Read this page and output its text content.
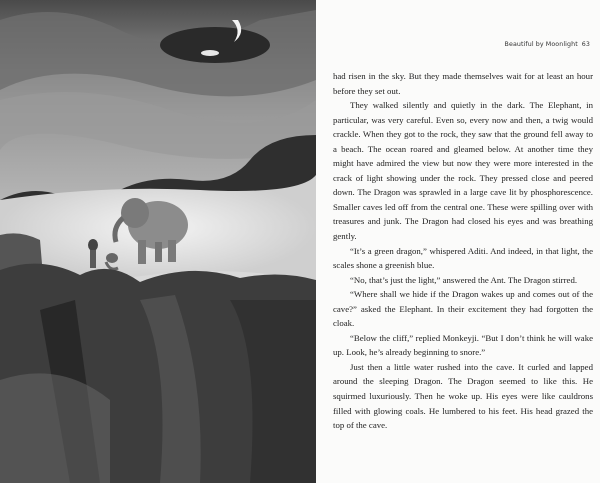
Beautiful by Moonlight 63

had risen in the sky. But they made themselves wait for at least an hour before they set out.

They walked silently and quietly in the dark. The Elephant, in particular, was very careful. Even so, every now and then, a twig would crackle. When they got to the rock, they saw that the ground fell away to a beach. The ocean roared and gleamed below. At another time they might have admired the view but now they were more interested in the crack of light showing under the rock. They pressed close and peered down. The Dragon was sprawled in a large cave lit by phosphorescence. Smaller caves led off from the central one. These were spilling over with treasures and junk. The Dragon had closed his eyes and was breathing gently.

“It’s a green dragon,” whispered Aditi. And indeed, in that light, the scales shone a greenish blue.

“No, that’s just the light,” answered the Ant. The Dragon stirred.

“Where shall we hide if the Dragon wakes up and comes out of the cave?” asked the Elephant. In their excitement they had forgotten the cloak.

“Below the cliff,” replied Monkeyji. “But I don’t think he will wake up. Look, he’s already beginning to snore.”

Just then a little water rushed into the cave. It curled and lapped around the sleeping Dragon. The Dragon seemed to like this. He squirmed luxuriously. Then he woke up. His eyes were like cauldrons filled with glowing coals. He lumbered to his feet. His head grazed the top of the cave.
